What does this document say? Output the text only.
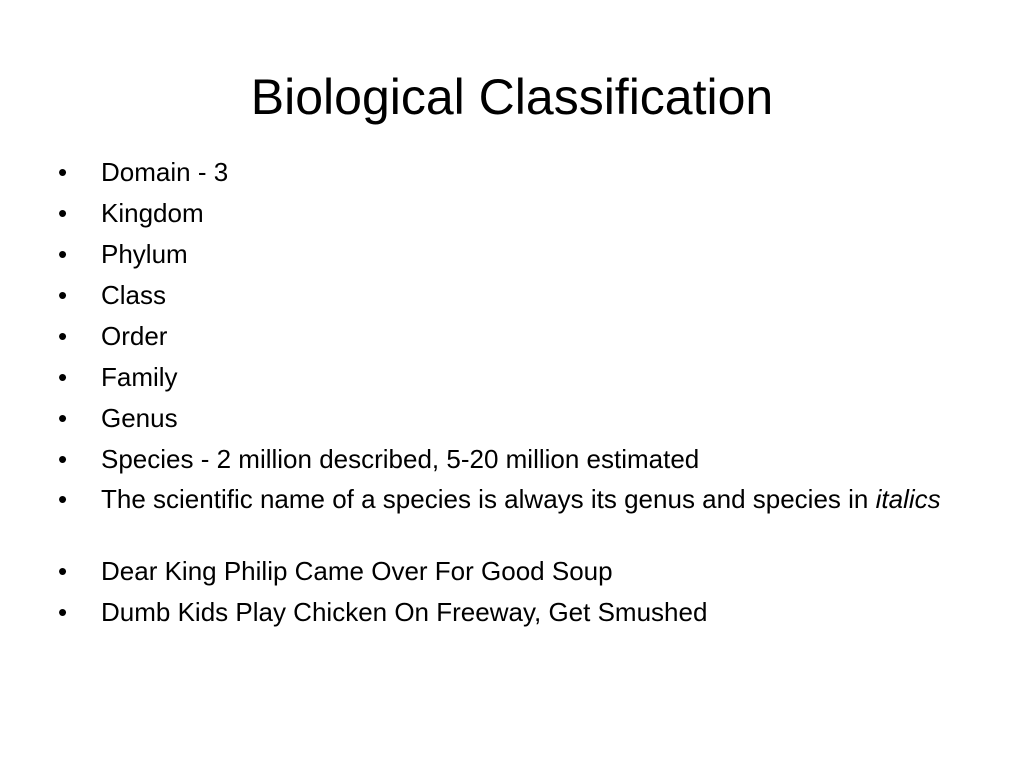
Biological Classification
•	Domain - 3
•	Kingdom
•	Phylum
•	Class
•	Order
•	Family
•	Genus
•	Species - 2 million described, 5-20 million estimated
•	The scientific name of a species is always its genus and species in italics
•	Dear King Philip Came Over For Good Soup
•	Dumb Kids Play Chicken On Freeway, Get Smushed
